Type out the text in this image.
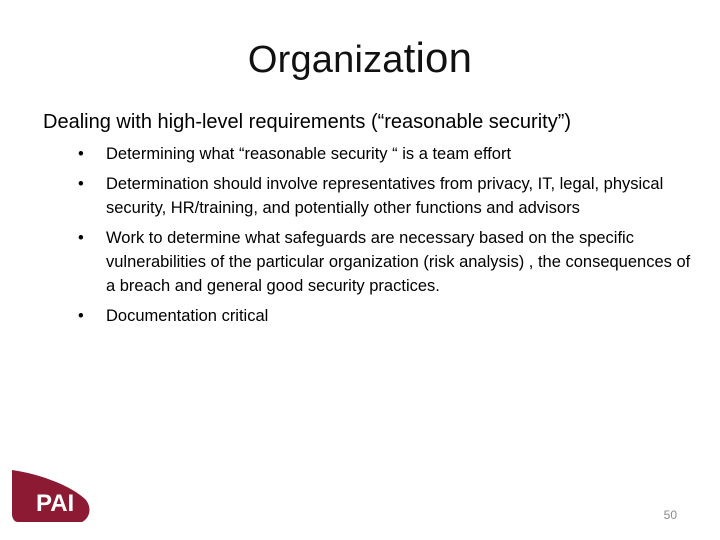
Organization
Dealing with high-level requirements (“reasonable security”)
•	Determining what “reasonable security “ is a team effort
•	Determination should involve representatives from privacy, IT, legal, physical security, HR/training, and potentially other functions and advisors
•	Work to determine what safeguards are necessary based on the specific vulnerabilities of the particular organization (risk analysis) , the consequences of a breach and general good security practices.
•	Documentation critical
PAI	50
